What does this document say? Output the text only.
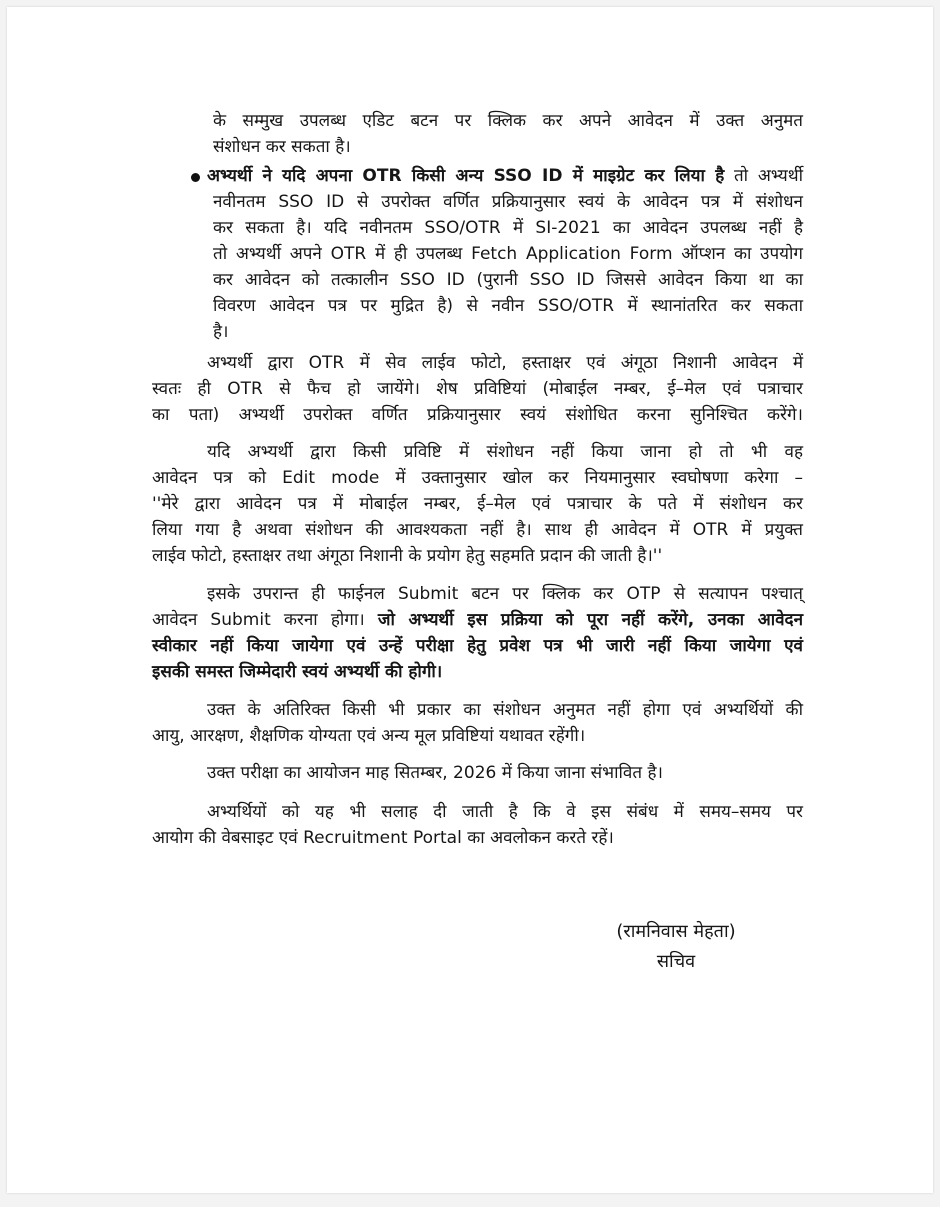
के सम्मुख उपलब्ध एडिट बटन पर क्लिक कर अपने आवेदन में उक्त अनुमत
संशोधन कर सकता है।
अभ्यर्थी ने यदि अपना OTR किसी अन्य SSO ID में माइग्रेट कर लिया है तो अभ्यर्थी
नवीनतम SSO ID से उपरोक्त वर्णित प्रक्रियानुसार स्वयं के आवेदन पत्र में संशोधन
कर सकता है। यदि नवीनतम SSO/OTR में SI-2021 का आवेदन उपलब्ध नहीं है
तो अभ्यर्थी अपने OTR में ही उपलब्ध Fetch Application Form ऑप्शन का उपयोग
कर आवेदन को तत्कालीन SSO ID (पुरानी SSO ID जिससे आवेदन किया था का
विवरण आवेदन पत्र पर मुद्रित है) से नवीन SSO/OTR में स्थानांतरित कर सकता
है।
अभ्यर्थी द्वारा OTR में सेव लाईव फोटो, हस्ताक्षर एवं अंगूठा निशानी आवेदन में
स्वतः ही OTR से फैच हो जायेंगे। शेष प्रविष्टियां (मोबाईल नम्बर, ई–मेल एवं पत्राचार
का पता) अभ्यर्थी उपरोक्त वर्णित प्रक्रियानुसार स्वयं संशोधित करना सुनिश्चित करेंगे।
यदि अभ्यर्थी द्वारा किसी प्रविष्टि में संशोधन नहीं किया जाना हो तो भी वह
आवेदन पत्र को Edit mode में उक्तानुसार खोल कर नियमानुसार स्वघोषणा करेगा –
''मेरे द्वारा आवेदन पत्र में मोबाईल नम्बर, ई–मेल एवं पत्राचार के पते में संशोधन कर
लिया गया है अथवा संशोधन की आवश्यकता नहीं है। साथ ही आवेदन में OTR में प्रयुक्त
लाईव फोटो, हस्ताक्षर तथा अंगूठा निशानी के प्रयोग हेतु सहमति प्रदान की जाती है।''
इसके उपरान्त ही फाईनल Submit बटन पर क्लिक कर OTP से सत्यापन पश्चात्
आवेदन Submit करना होगा। जो अभ्यर्थी इस प्रक्रिया को पूरा नहीं करेंगे, उनका आवेदन
स्वीकार नहीं किया जायेगा एवं उन्हें परीक्षा हेतु प्रवेश पत्र भी जारी नहीं किया जायेगा एवं
इसकी समस्त जिम्मेदारी स्वयं अभ्यर्थी की होगी।
उक्त के अतिरिक्त किसी भी प्रकार का संशोधन अनुमत नहीं होगा एवं अभ्यर्थियों की
आयु, आरक्षण, शैक्षणिक योग्यता एवं अन्य मूल प्रविष्टियां यथावत रहेंगी।
उक्त परीक्षा का आयोजन माह सितम्बर, 2026 में किया जाना संभावित है।
अभ्यर्थियों को यह भी सलाह दी जाती है कि वे इस संबंध में समय–समय पर
आयोग की वेबसाइट एवं Recruitment Portal का अवलोकन करते रहें।
(रामनिवास मेहता)
सचिव
